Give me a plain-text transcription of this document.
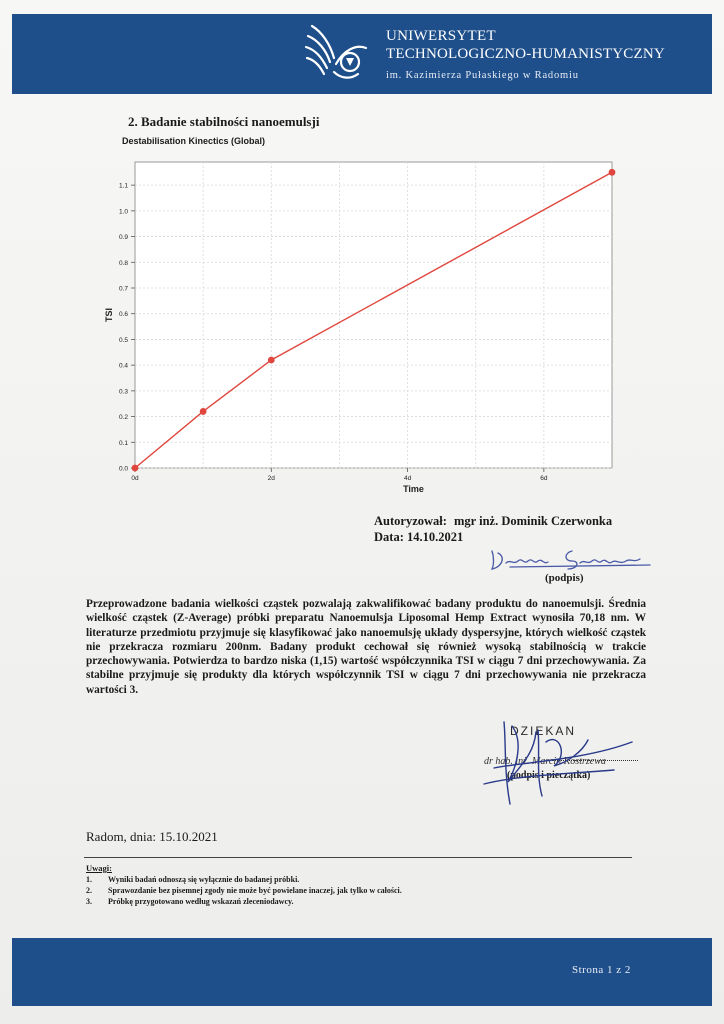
UNIWERSYTET
TECHNOLOGICZNO-HUMANISTYCZNY
im. Kazimierza Pułaskiego w Radomiu
2. Badanie stabilności nanoemulsji
Destabilisation Kinectics (Global)
0.0
0.1
0.2
0.3
0.4
0.5
0.6
0.7
0.8
0.9
1.0
1.1
0d	2d	4d	6d
Time
TSI
Autoryzował: mgr inż. Dominik Czerwonka
Data: 14.10.2021
(podpis)
Przeprowadzone badania wielkości cząstek pozwalają zakwalifikować badany produktu do nanoemulsji. Średnia wielkość cząstek (Z-Average) próbki preparatu Nanoemulsja Liposomal Hemp Extract wynosiła 70,18 nm. W literaturze przedmiotu przyjmuje się klasyfikować jako nanoemulsję układy dyspersyjne, których wielkość cząstek nie przekracza rozmiaru 200nm. Badany produkt cechował się również wysoką stabilnością w trakcie przechowywania. Potwierdza to bardzo niska (1,15) wartość współczynnika TSI w ciągu 7 dni przechowywania. Za stabilne przyjmuje się produkty dla których współczynnik TSI w ciągu 7 dni przechowywania nie przekracza wartości 3.
DZIEKAN
dr hab. inż. Marcin Kostrzewa
(podpis i pieczątka)
Radom, dnia: 15.10.2021
Uwagi:
1. Wyniki badań odnoszą się wyłącznie do badanej próbki.
2. Sprawozdanie bez pisemnej zgody nie może być powielane inaczej, jak tylko w całości.
3. Próbkę przygotowano według wskazań zleceniodawcy.
Strona 1 z 2
